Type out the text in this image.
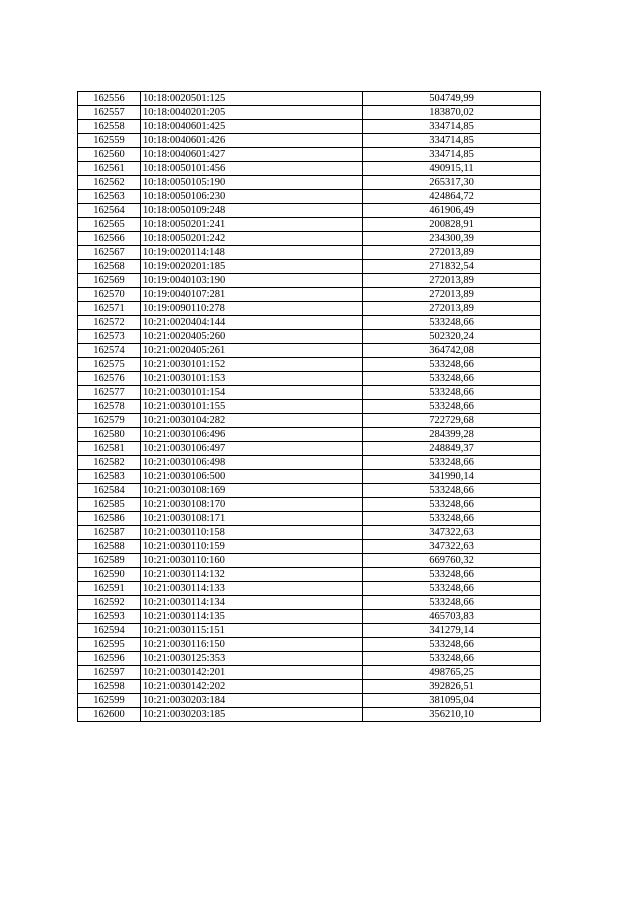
162556	10:18:0020501:125	504749,99
162557	10:18:0040201:205	183870,02
162558	10:18:0040601:425	334714,85
162559	10:18:0040601:426	334714,85
162560	10:18:0040601:427	334714,85
162561	10:18:0050101:456	490915,11
162562	10:18:0050105:190	265317,30
162563	10:18:0050106:230	424864,72
162564	10:18:0050109:248	461906,49
162565	10:18:0050201:241	200828,91
162566	10:18:0050201:242	234300,39
162567	10:19:0020114:148	272013,89
162568	10:19:0020201:185	271832,54
162569	10:19:0040103:190	272013,89
162570	10:19:0040107:281	272013,89
162571	10:19:0090110:278	272013,89
162572	10:21:0020404:144	533248,66
162573	10:21:0020405:260	502320,24
162574	10:21:0020405:261	364742,08
162575	10:21:0030101:152	533248,66
162576	10:21:0030101:153	533248,66
162577	10:21:0030101:154	533248,66
162578	10:21:0030101:155	533248,66
162579	10:21:0030104:282	722729,68
162580	10:21:0030106:496	284399,28
162581	10:21:0030106:497	248849,37
162582	10:21:0030106:498	533248,66
162583	10:21:0030106:500	341990,14
162584	10:21:0030108:169	533248,66
162585	10:21:0030108:170	533248,66
162586	10:21:0030108:171	533248,66
162587	10:21:0030110:158	347322,63
162588	10:21:0030110:159	347322,63
162589	10:21:0030110:160	669760,32
162590	10:21:0030114:132	533248,66
162591	10:21:0030114:133	533248,66
162592	10:21:0030114:134	533248,66
162593	10:21:0030114:135	465703,83
162594	10:21:0030115:151	341279,14
162595	10:21:0030116:150	533248,66
162596	10:21:0030125:353	533248,66
162597	10:21:0030142:201	498765,25
162598	10:21:0030142:202	392826,51
162599	10:21:0030203:184	381095,04
162600	10:21:0030203:185	356210,10
